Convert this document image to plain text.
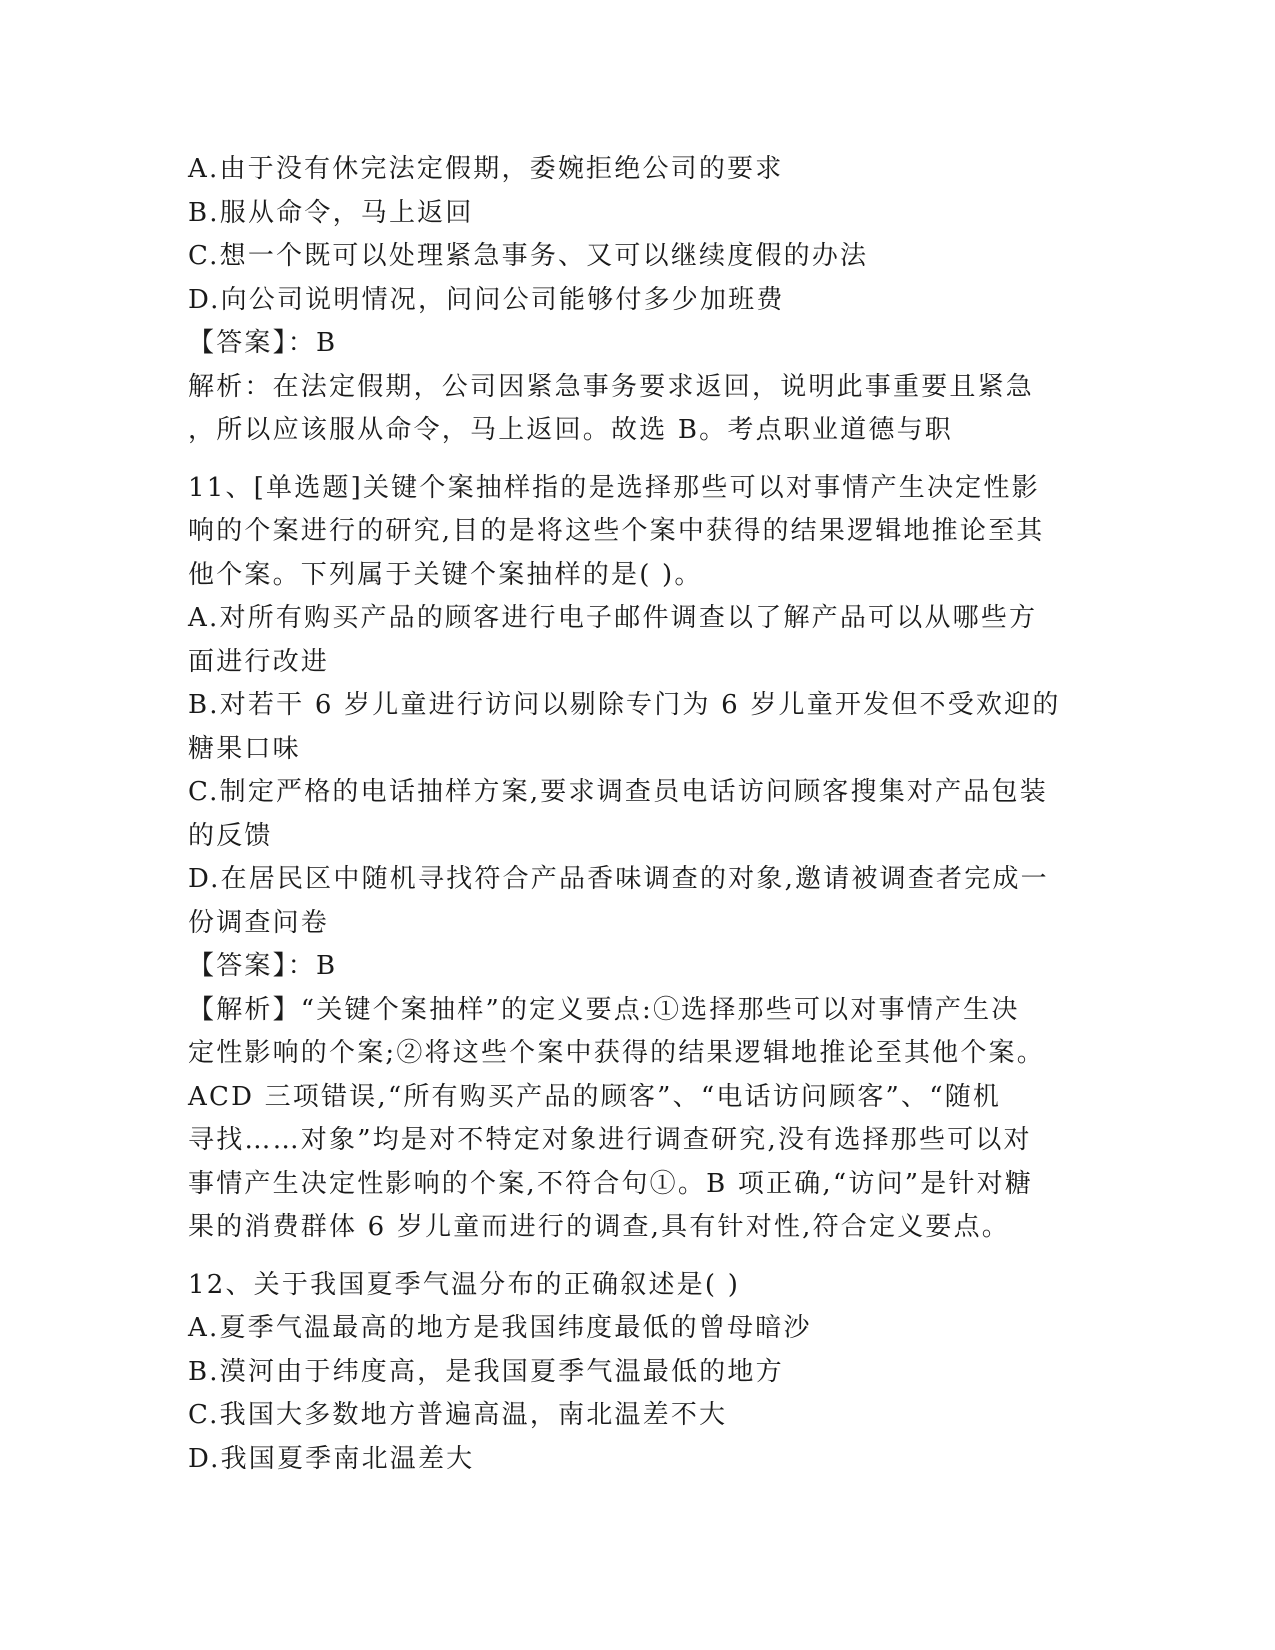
A.由于没有休完法定假期，委婉拒绝公司的要求
B.服从命令，马上返回
C.想一个既可以处理紧急事务、又可以继续度假的办法
D.向公司说明情况，问问公司能够付多少加班费
【答案】：B
解析：在法定假期，公司因紧急事务要求返回，说明此事重要且紧急
，所以应该服从命令，马上返回。故选 B。考点职业道德与职
11、[单选题]关键个案抽样指的是选择那些可以对事情产生决定性影
响的个案进行的研究,目的是将这些个案中获得的结果逻辑地推论至其
他个案。下列属于关键个案抽样的是( )。
A.对所有购买产品的顾客进行电子邮件调查以了解产品可以从哪些方
面进行改进
B.对若干 6 岁儿童进行访问以剔除专门为 6 岁儿童开发但不受欢迎的
糖果口味
C.制定严格的电话抽样方案,要求调查员电话访问顾客搜集对产品包装
的反馈
D.在居民区中随机寻找符合产品香味调查的对象,邀请被调查者完成一
份调查问卷
【答案】：B
【解析】“关键个案抽样”的定义要点:①选择那些可以对事情产生决
定性影响的个案;②将这些个案中获得的结果逻辑地推论至其他个案。
ACD 三项错误,“所有购买产品的顾客”、“电话访问顾客”、“随机
寻找……对象”均是对不特定对象进行调查研究,没有选择那些可以对
事情产生决定性影响的个案,不符合句①。B 项正确,“访问”是针对糖
果的消费群体 6 岁儿童而进行的调查,具有针对性,符合定义要点。
12、关于我国夏季气温分布的正确叙述是( )
A.夏季气温最高的地方是我国纬度最低的曾母暗沙
B.漠河由于纬度高，是我国夏季气温最低的地方
C.我国大多数地方普遍高温，南北温差不大
D.我国夏季南北温差大
